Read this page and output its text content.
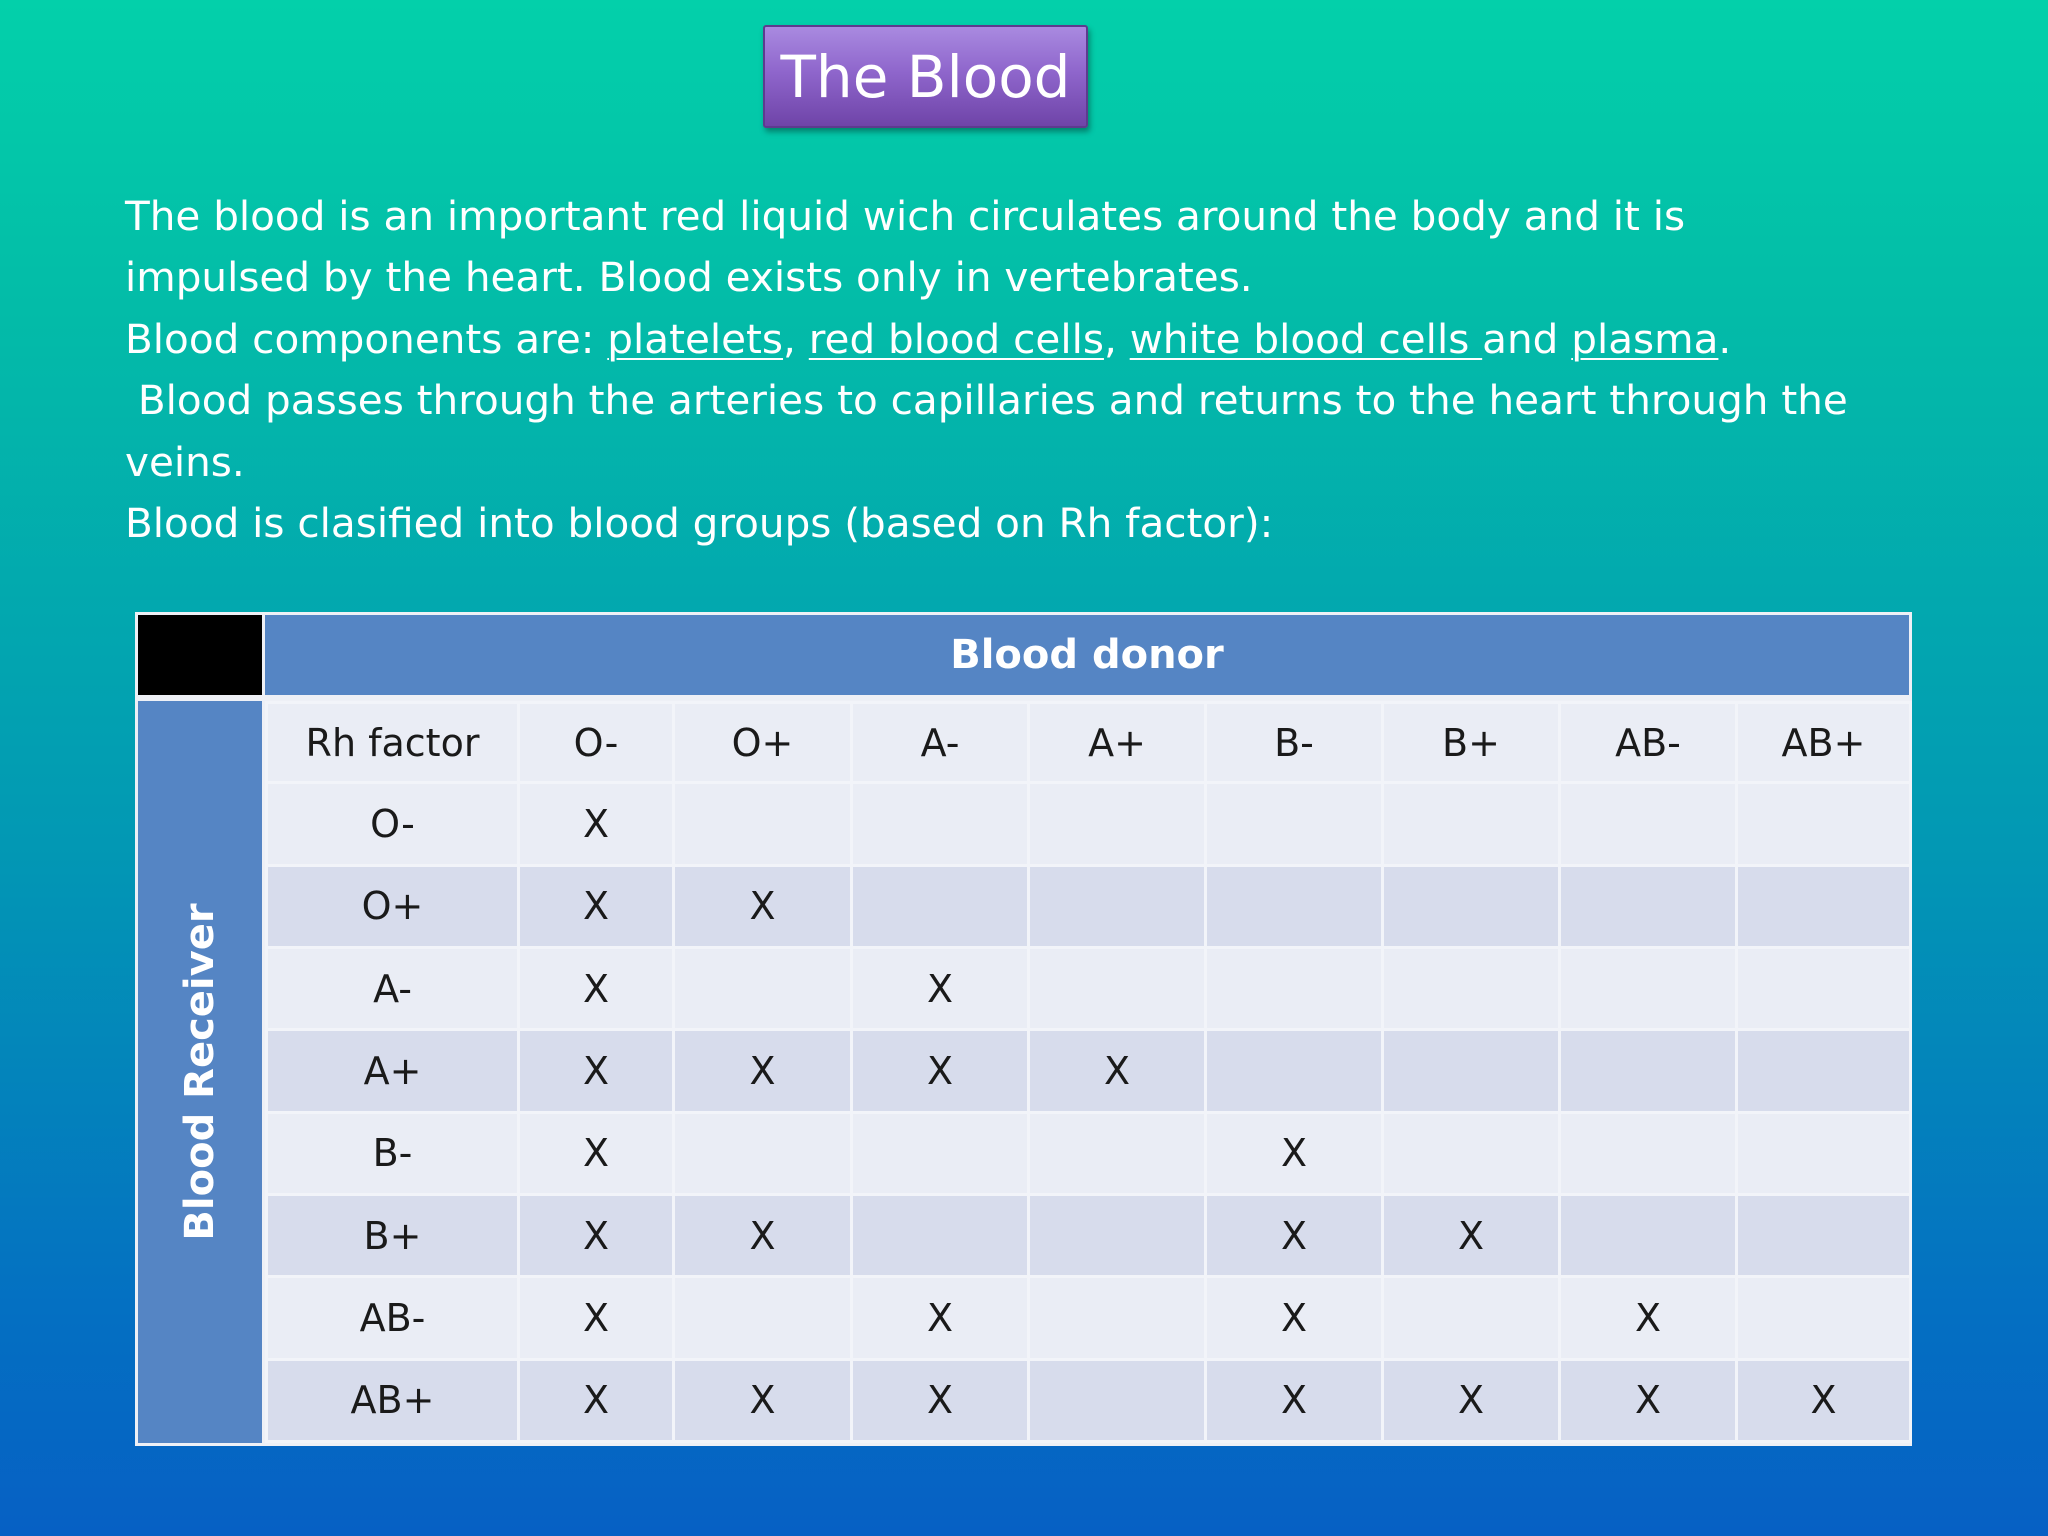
The Blood
The blood is an important red liquid wich circulates around the body and it is
impulsed by the heart. Blood exists only in vertebrates.
Blood components are: platelets, red blood cells, white blood cells and plasma.
Blood passes through the arteries to capillaries and returns to the heart through the
veins.
Blood is clasified into blood groups (based on Rh factor):
Blood donor
Blood Receiver
Rh factor	O-	O+	A-	A+	B-	B+	AB-	AB+
O-	X							
O+	X	X						
A-	X		X					
A+	X	X	X	X				
B-	X				X			
B+	X	X			X	X		
AB-	X		X		X		X	
AB+	X	X	X		X	X	X	X
